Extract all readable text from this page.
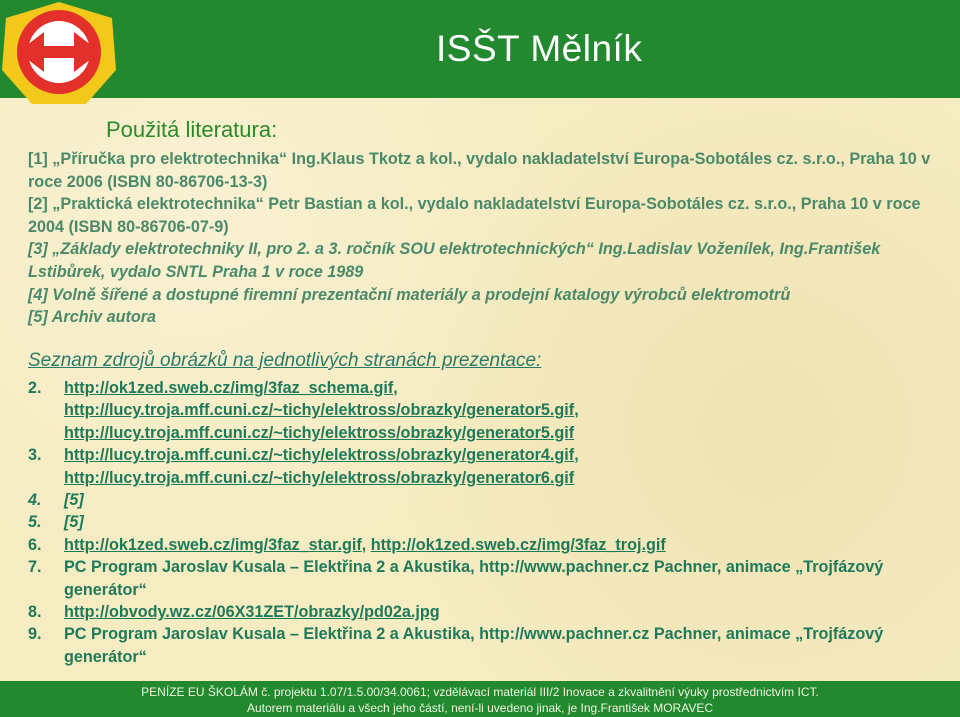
ISŠT Mělník
Použitá literatura:

[1] „Příručka pro elektrotechnika“ Ing.Klaus Tkotz a kol., vydalo nakladatelství Europa-Sobotáles cz. s.r.o., Praha 10 v roce 2006 (ISBN 80-86706-13-3)

[2] „Praktická elektrotechnika“ Petr Bastian a kol., vydalo nakladatelství Europa-Sobotáles cz. s.r.o., Praha 10 v roce 2004 (ISBN 80-86706-07-9)

[3] „Základy elektrotechniky II, pro 2. a 3. ročník SOU elektrotechnických“ Ing.Ladislav Voženílek, Ing.František Lstibůrek, vydalo SNTL Praha 1 v roce 1989

[4] Volně šířené a dostupné firemní prezentační materiály a prodejní katalogy výrobců elektromotrů

[5] Archiv autora

Seznam zdrojů obrázků na jednotlivých stranách prezentace:
2.	http://ok1zed.sweb.cz/img/3faz_schema.gif,
http://lucy.troja.mff.cuni.cz/~tichy/elektross/obrazky/generator5.gif,
http://lucy.troja.mff.cuni.cz/~tichy/elektross/obrazky/generator5.gif
3.	http://lucy.troja.mff.cuni.cz/~tichy/elektross/obrazky/generator4.gif,
http://lucy.troja.mff.cuni.cz/~tichy/elektross/obrazky/generator6.gif
4.	[5]
5.	[5]
6.	http://ok1zed.sweb.cz/img/3faz_star.gif, http://ok1zed.sweb.cz/img/3faz_troj.gif
7.	PC Program Jaroslav Kusala – Elektřina 2 a Akustika, http://www.pachner.cz Pachner, animace „Trojfázový generátor“
8.	http://obvody.wz.cz/06X31ZET/obrazky/pd02a.jpg
9.	PC Program Jaroslav Kusala – Elektřina 2 a Akustika, http://www.pachner.cz Pachner, animace „Trojfázový generátor“
PENÍZE EU ŠKOLÁM č. projektu 1.07/1.5.00/34.0061; vzdělávací materiál III/2 Inovace a zkvalitnění výuky prostřednictvím ICT.
Autorem materiálu a všech jeho částí, není-li uvedeno jinak, je Ing.František MORAVEC
